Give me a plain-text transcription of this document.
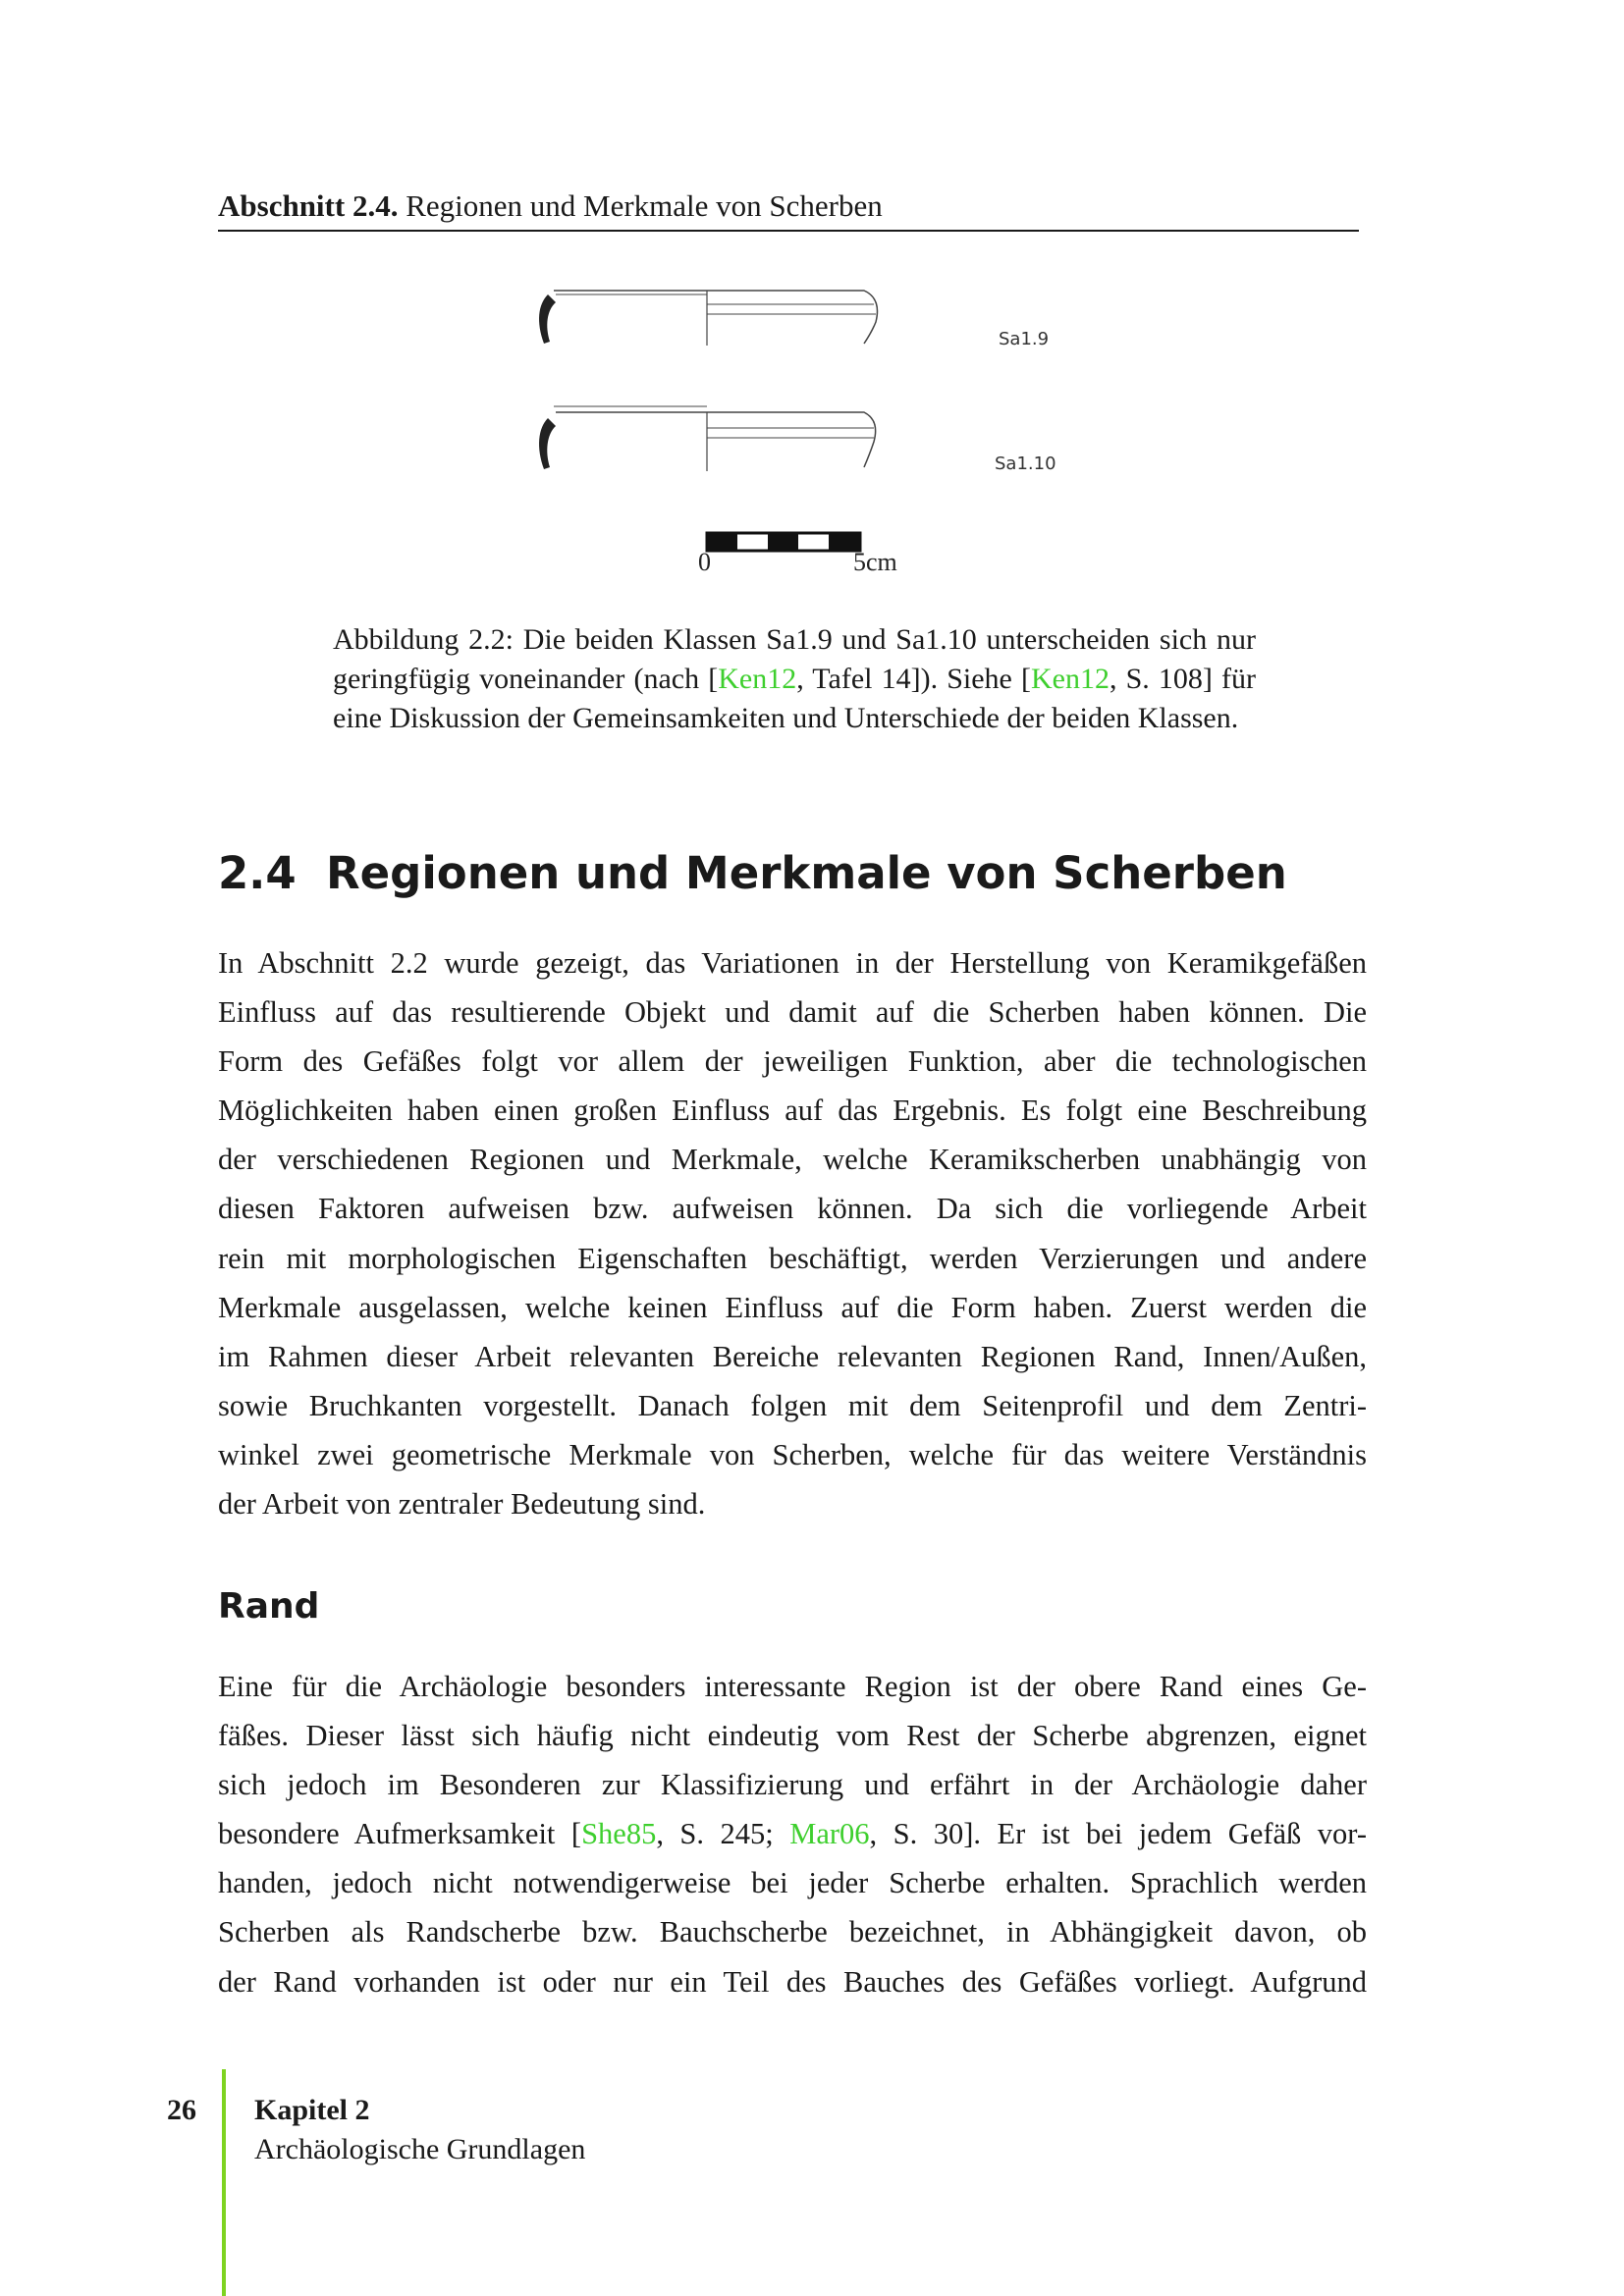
Abschnitt 2.4. Regionen und Merkmale von Scherben
Sa1.9
Sa1.10
0	5cm
Abbildung 2.2: Die beiden Klassen Sa1.9 und Sa1.10 unterscheiden sich nur geringfügig voneinander (nach [Ken12, Tafel 14]). Siehe [Ken12, S. 108] für eine Diskussion der Gemeinsamkeiten und Unterschiede der beiden Klassen.
2.4 Regionen und Merkmale von Scherben
In Abschnitt 2.2 wurde gezeigt, das Variationen in der Herstellung von Keramikgefäßen
Einfluss auf das resultierende Objekt und damit auf die Scherben haben können. Die
Form des Gefäßes folgt vor allem der jeweiligen Funktion, aber die technologischen
Möglichkeiten haben einen großen Einfluss auf das Ergebnis. Es folgt eine Beschreibung
der verschiedenen Regionen und Merkmale, welche Keramikscherben unabhängig von
diesen Faktoren aufweisen bzw. aufweisen können. Da sich die vorliegende Arbeit
rein mit morphologischen Eigenschaften beschäftigt, werden Verzierungen und andere
Merkmale ausgelassen, welche keinen Einfluss auf die Form haben. Zuerst werden die
im Rahmen dieser Arbeit relevanten Bereiche relevanten Regionen Rand, Innen/Außen,
sowie Bruchkanten vorgestellt. Danach folgen mit dem Seitenprofil und dem Zentri-
winkel zwei geometrische Merkmale von Scherben, welche für das weitere Verständnis
der Arbeit von zentraler Bedeutung sind.
Rand
Eine für die Archäologie besonders interessante Region ist der obere Rand eines Ge-
fäßes. Dieser lässt sich häufig nicht eindeutig vom Rest der Scherbe abgrenzen, eignet
sich jedoch im Besonderen zur Klassifizierung und erfährt in der Archäologie daher
besondere Aufmerksamkeit [She85, S. 245; Mar06, S. 30]. Er ist bei jedem Gefäß vor-
handen, jedoch nicht notwendigerweise bei jeder Scherbe erhalten. Sprachlich werden
Scherben als Randscherbe bzw. Bauchscherbe bezeichnet, in Abhängigkeit davon, ob
der Rand vorhanden ist oder nur ein Teil des Bauches des Gefäßes vorliegt. Aufgrund
26 Kapitel 2
Archäologische Grundlagen
